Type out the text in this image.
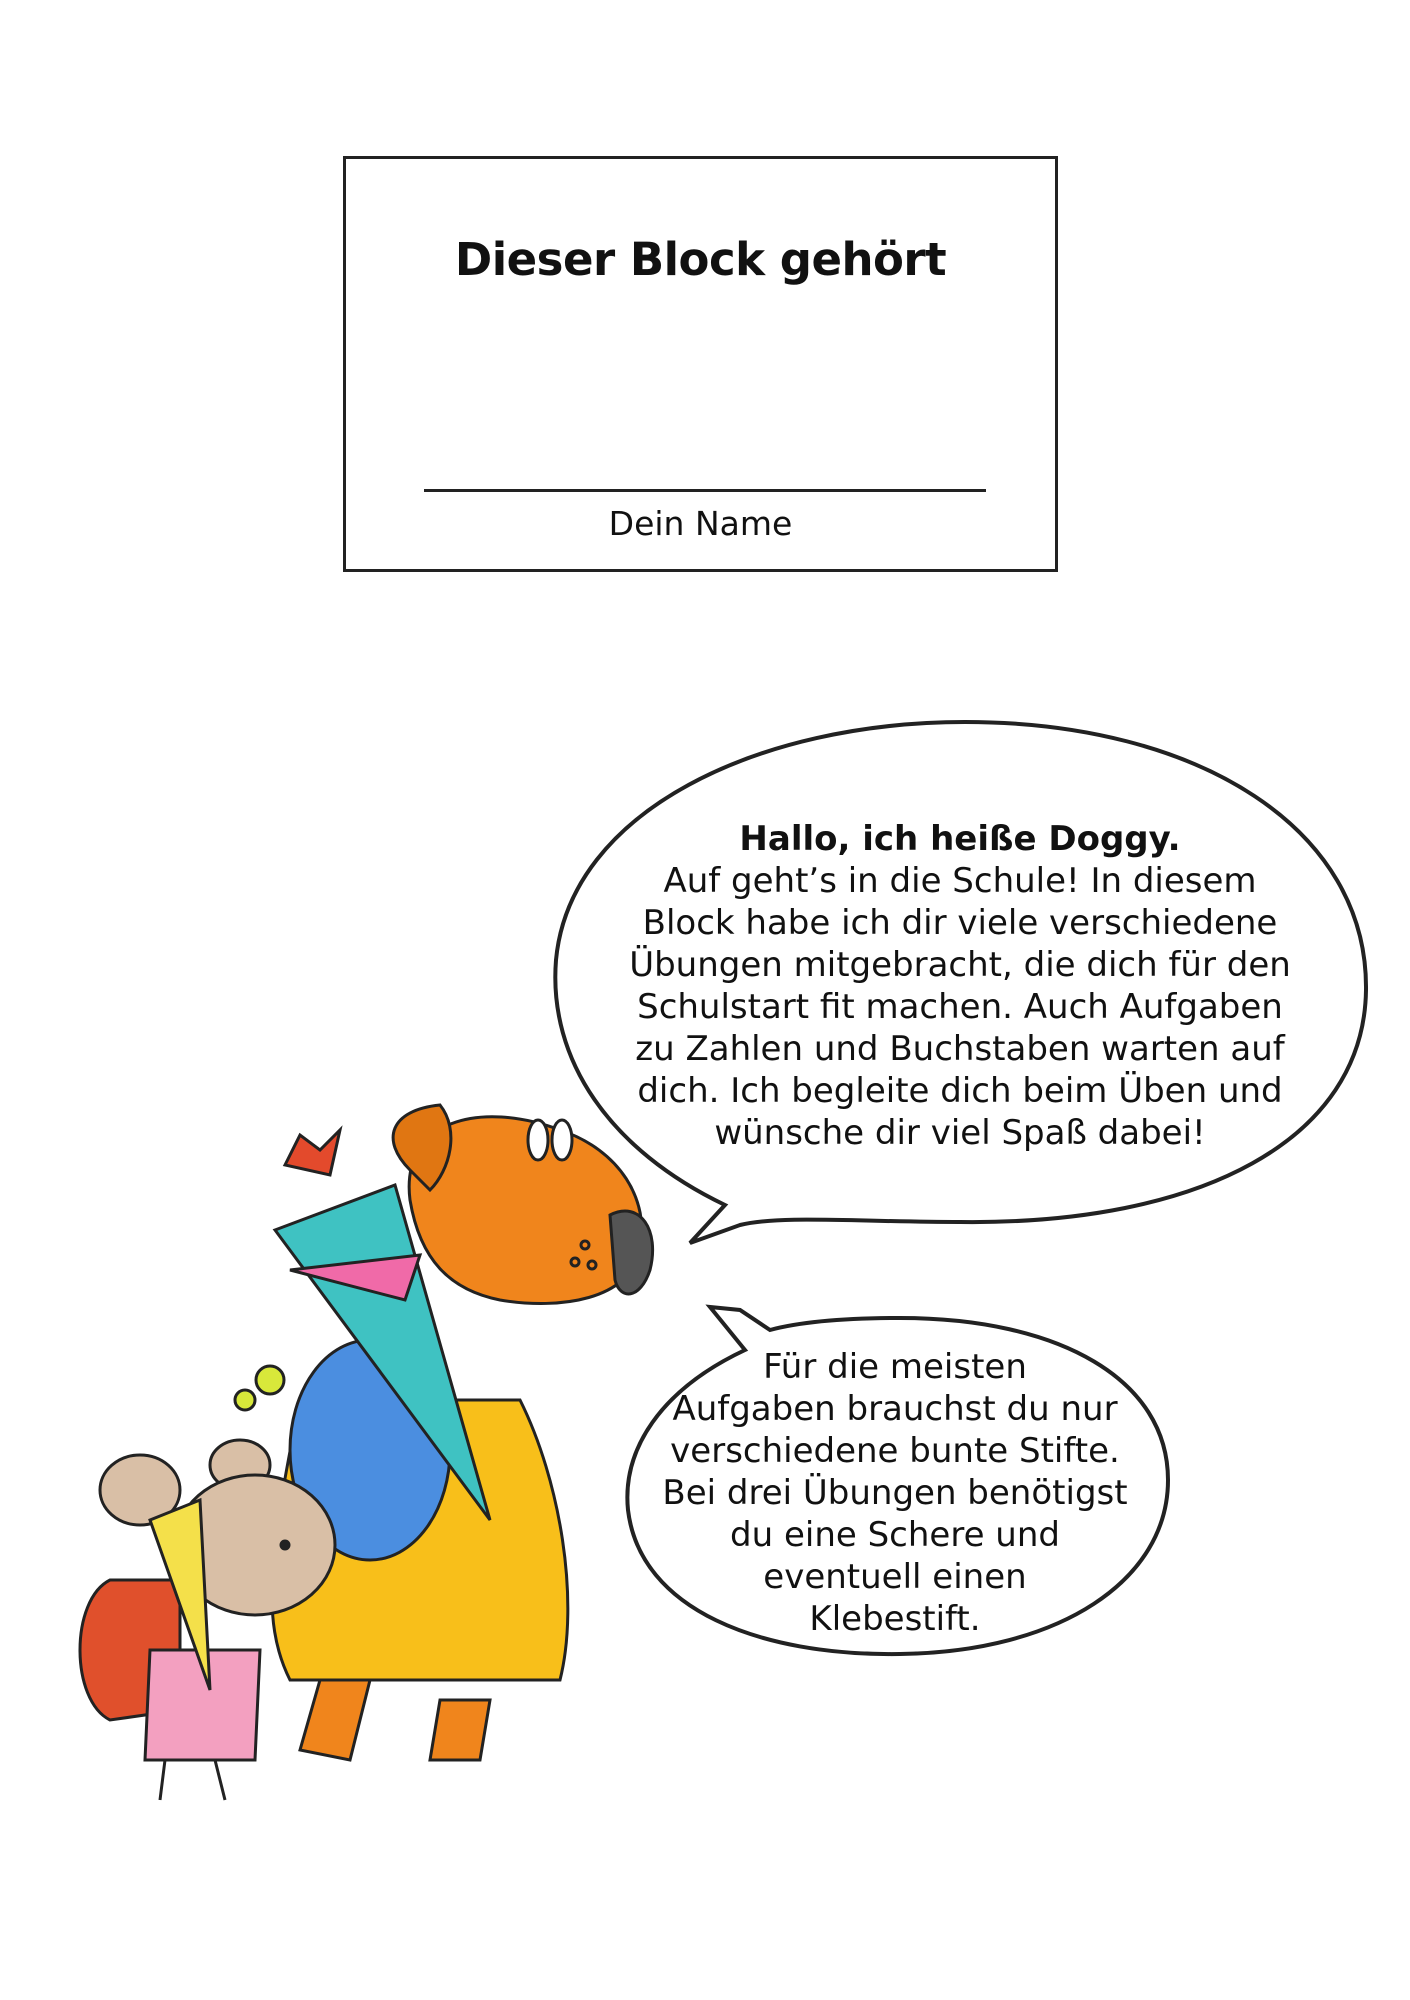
Dieser Block gehört
Dein Name
Hallo, ich heiße Doggy.
Auf geht’s in die Schule! In diesem
Block habe ich dir viele verschiedene
Übungen mitgebracht, die dich für den
Schulstart fit machen. Auch Aufgaben
zu Zahlen und Buchstaben warten auf
dich. Ich begleite dich beim Üben und
wünsche dir viel Spaß dabei!
Für die meisten
Aufgaben brauchst du nur
verschiedene bunte Stifte.
Bei drei Übungen benötigst
du eine Schere und
eventuell einen
Klebestift.
